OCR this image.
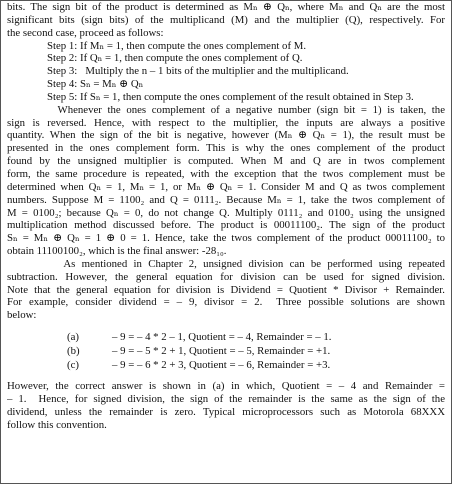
bits. The sign bit of the product is determined as Mₙ ⊕ Qₙ, where Mₙ and Qₙ are the most
significant bits (sign bits) of the multiplicand (M) and the multiplier (Q), respectively. For
the second case, proceed as follows:
Step 1: If Mₙ = 1, then compute the ones complement of M.
Step 2: If Qₙ = 1, then compute the ones complement of Q.
Step 3:   Multiply the n – 1 bits of the multiplier and the multiplicand.
Step 4: Sₙ = Mₙ ⊕ Qₙ
Step 5: If Sₙ = 1, then compute the ones complement of the result obtained in Step 3.
Whenever the ones complement of a negative number (sign bit = 1) is taken, the
sign is reversed. Hence, with respect to the multiplier, the inputs are always a positive
quantity. When the sign of the bit is negative, however (Mₙ ⊕ Qₙ = 1), the result must be
presented in the ones complement form. This is why the ones complement of the product
found by the unsigned multiplier is computed. When M and Q are in twos complement
form, the same procedure is repeated, with the exception that the twos complement must be
determined when Qₙ = 1, Mₙ = 1, or Mₙ ⊕ Qₙ = 1. Consider M and Q as twos complement
numbers. Suppose M = 1100₂ and Q = 0111₂. Because Mₙ = 1, take the twos complement of
M = 0100₂; because Qₙ = 0, do not change Q. Multiply 0111₂ and 0100₂ using the unsigned
multiplication method discussed before. The product is 00011100₂. The sign of the product
Sₙ = Mₙ ⊕ Qₙ = 1 ⊕ 0 = 1. Hence, take the twos complement of the product 00011100₂ to
obtain 11100100₂, which is the final answer: -28₁₀.
As mentioned in Chapter 2, unsigned division can be performed using repeated
subtraction. However, the general equation for division can be used for signed division.
Note that the general equation for division is Dividend = Quotient * Divisor + Remainder.
For example, consider dividend = – 9, divisor = 2.  Three possible solutions are shown
below:
(a)	– 9 = – 4 * 2 – 1, Quotient = – 4, Remainder = – 1.
(b)	– 9 = – 5 * 2 + 1, Quotient = – 5, Remainder = +1.
(c)	– 9 = – 6 * 2 + 3, Quotient = – 6, Remainder = +3.
However, the correct answer is shown in (a) in which, Quotient = – 4 and Remainder =
– 1.  Hence, for signed division, the sign of the remainder is the same as the sign of the
dividend, unless the remainder is zero. Typical microprocessors such as Motorola 68XXX
follow this convention.
